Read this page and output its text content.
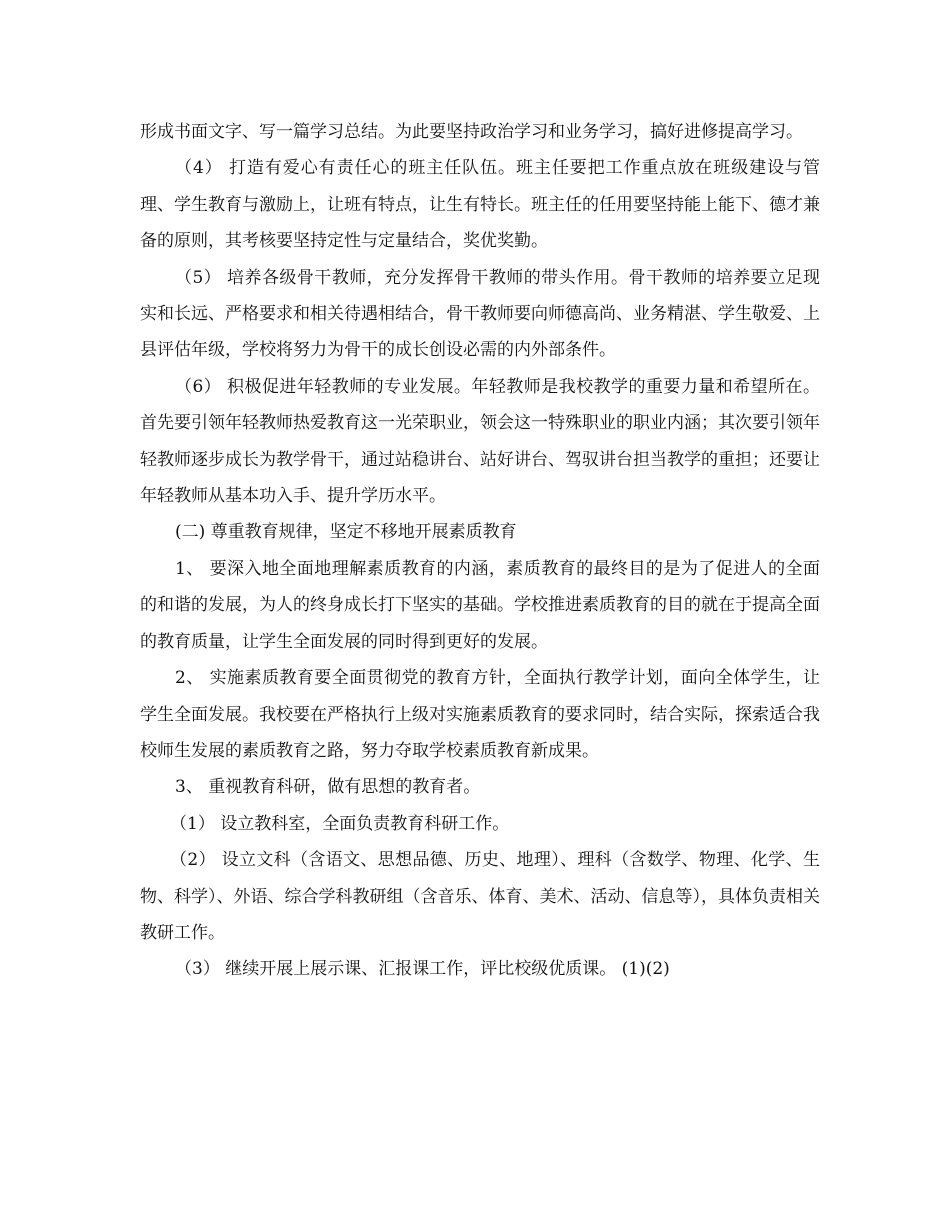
形成书面文字、写一篇学习总结。为此要坚持政治学习和业务学习，搞好进修提高学习。

（4） 打造有爱心有责任心的班主任队伍。班主任要把工作重点放在班级建设与管理、学生教育与激励上，让班有特点，让生有特长。班主任的任用要坚持能上能下、德才兼备的原则，其考核要坚持定性与定量结合，奖优奖勤。

（5） 培养各级骨干教师，充分发挥骨干教师的带头作用。骨干教师的培养要立足现实和长远、严格要求和相关待遇相结合，骨干教师要向师德高尚、业务精湛、学生敬爱、上县评估年级，学校将努力为骨干的成长创设必需的内外部条件。

（6） 积极促进年轻教师的专业发展。年轻教师是我校教学的重要力量和希望所在。首先要引领年轻教师热爱教育这一光荣职业，领会这一特殊职业的职业内涵；其次要引领年轻教师逐步成长为教学骨干，通过站稳讲台、站好讲台、驾驭讲台担当教学的重担；还要让年轻教师从基本功入手、提升学历水平。

(二) 尊重教育规律，坚定不移地开展素质教育

1、 要深入地全面地理解素质教育的内涵，素质教育的最终目的是为了促进人的全面的和谐的发展，为人的终身成长打下坚实的基础。学校推进素质教育的目的就在于提高全面的教育质量，让学生全面发展的同时得到更好的发展。

2、 实施素质教育要全面贯彻党的教育方针，全面执行教学计划，面向全体学生，让学生全面发展。我校要在严格执行上级对实施素质教育的要求同时，结合实际，探索适合我校师生发展的素质教育之路，努力夺取学校素质教育新成果。

3、 重视教育科研，做有思想的教育者。

（1） 设立教科室，全面负责教育科研工作。

（2） 设立文科（含语文、思想品德、历史、地理）、理科（含数学、物理、化学、生物、科学）、外语、综合学科教研组（含音乐、体育、美术、活动、信息等），具体负责相关教研工作。

（3） 继续开展上展示课、汇报课工作，评比校级优质课。 (1)(2)
